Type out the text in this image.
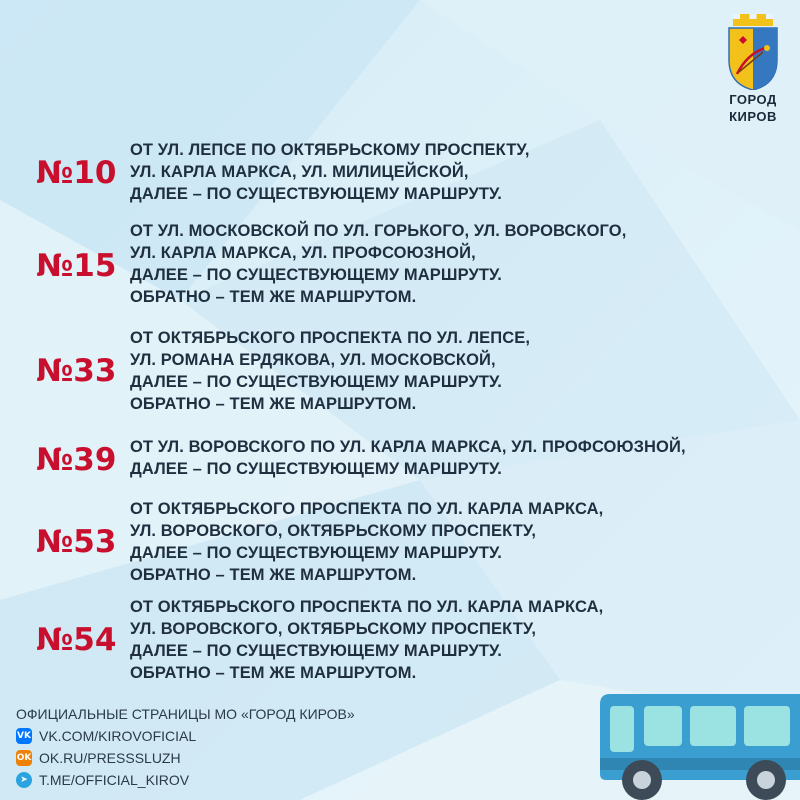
ГОРОД
КИРОВ
№10
ОТ УЛ. ЛЕПСЕ ПО ОКТЯБРЬСКОМУ ПРОСПЕКТУ,
УЛ. КАРЛА МАРКСА, УЛ. МИЛИЦЕЙСКОЙ,
ДАЛЕЕ – ПО СУЩЕСТВУЮЩЕМУ МАРШРУТУ.
№15
ОТ УЛ. МОСКОВСКОЙ ПО УЛ. ГОРЬКОГО, УЛ. ВОРОВСКОГО,
УЛ. КАРЛА МАРКСА, УЛ. ПРОФСОЮЗНОЙ,
ДАЛЕЕ – ПО СУЩЕСТВУЮЩЕМУ МАРШРУТУ.
ОБРАТНО – ТЕМ ЖЕ МАРШРУТОМ.
№33
ОТ ОКТЯБРЬСКОГО ПРОСПЕКТА ПО УЛ. ЛЕПСЕ,
УЛ. РОМАНА ЕРДЯКОВА, УЛ. МОСКОВСКОЙ,
ДАЛЕЕ – ПО СУЩЕСТВУЮЩЕМУ МАРШРУТУ.
ОБРАТНО – ТЕМ ЖЕ МАРШРУТОМ.
№39 ОТ УЛ. ВОРОВСКОГО ПО УЛ. КАРЛА МАРКСА, УЛ. ПРОФСОЮЗНОЙ,
ДАЛЕЕ – ПО СУЩЕСТВУЮЩЕМУ МАРШРУТУ.
№53
ОТ ОКТЯБРЬСКОГО ПРОСПЕКТА ПО УЛ. КАРЛА МАРКСА,
УЛ. ВОРОВСКОГО, ОКТЯБРЬСКОМУ ПРОСПЕКТУ,
ДАЛЕЕ – ПО СУЩЕСТВУЮЩЕМУ МАРШРУТУ.
ОБРАТНО – ТЕМ ЖЕ МАРШРУТОМ.
№54
ОТ ОКТЯБРЬСКОГО ПРОСПЕКТА ПО УЛ. КАРЛА МАРКСА,
УЛ. ВОРОВСКОГО, ОКТЯБРЬСКОМУ ПРОСПЕКТУ,
ДАЛЕЕ – ПО СУЩЕСТВУЮЩЕМУ МАРШРУТУ.
ОБРАТНО – ТЕМ ЖЕ МАРШРУТОМ.
ОФИЦИАЛЬНЫЕ СТРАНИЦЫ МО «ГОРОД КИРОВ»
VK VK.COM/KIROVOFICIAL
OK OK.RU/PRESSSLUZH
➤ T.ME/OFFICIAL_KIROV
